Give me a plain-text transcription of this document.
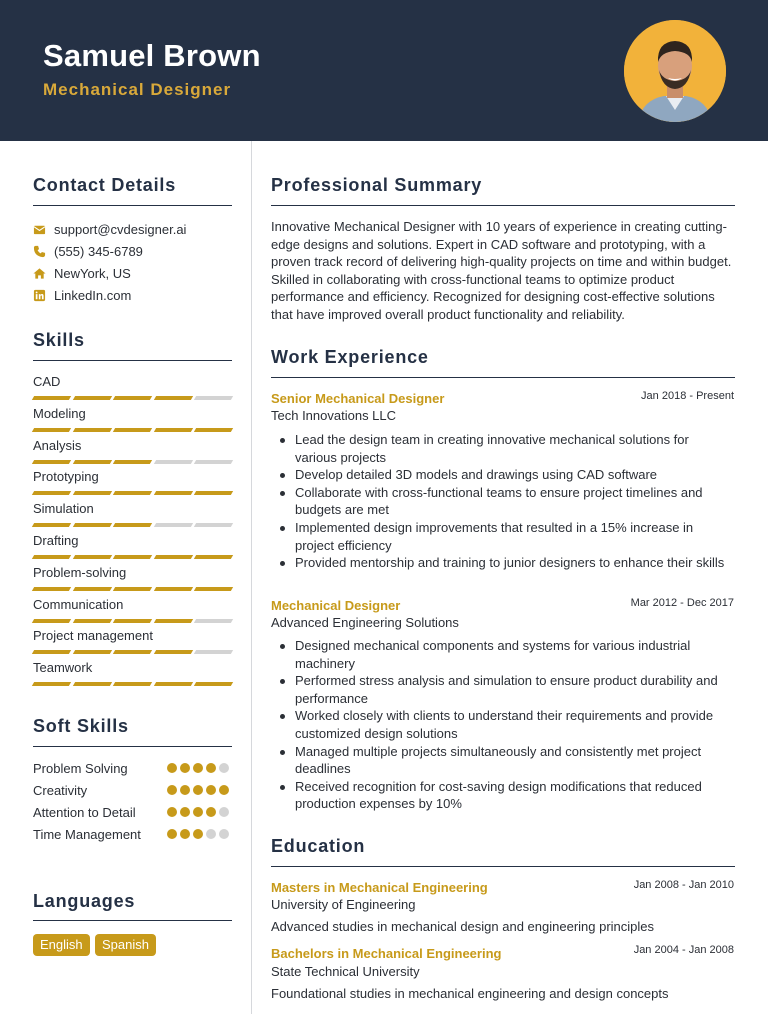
Samuel Brown
Mechanical Designer
Contact Details
support@cvdesigner.ai
(555) 345-6789
NewYork, US
LinkedIn.com
Skills
CAD
Modeling
Analysis
Prototyping
Simulation
Drafting
Problem-solving
Communication
Project management
Teamwork
Soft Skills
Problem Solving
Creativity
Attention to Detail
Time Management
Languages
English	Spanish
Professional Summary
Innovative Mechanical Designer with 10 years of experience in creating cutting-edge designs and solutions. Expert in CAD software and prototyping, with a proven track record of delivering high-quality projects on time and within budget. Skilled in collaborating with cross-functional teams to optimize product performance and efficiency. Recognized for designing cost-effective solutions that have improved overall product functionality and reliability.
Work Experience
Senior Mechanical Designer	Jan 2018 - Present
Tech Innovations LLC
Lead the design team in creating innovative mechanical solutions for various projects
Develop detailed 3D models and drawings using CAD software
Collaborate with cross-functional teams to ensure project timelines and budgets are met
Implemented design improvements that resulted in a 15% increase in project efficiency
Provided mentorship and training to junior designers to enhance their skills
Mechanical Designer	Mar 2012 - Dec 2017
Advanced Engineering Solutions
Designed mechanical components and systems for various industrial machinery
Performed stress analysis and simulation to ensure product durability and performance
Worked closely with clients to understand their requirements and provide customized design solutions
Managed multiple projects simultaneously and consistently met project deadlines
Received recognition for cost-saving design modifications that reduced production expenses by 10%
Education
Masters in Mechanical Engineering	Jan 2008 - Jan 2010
University of Engineering
Advanced studies in mechanical design and engineering principles
Bachelors in Mechanical Engineering	Jan 2004 - Jan 2008
State Technical University
Foundational studies in mechanical engineering and design concepts
